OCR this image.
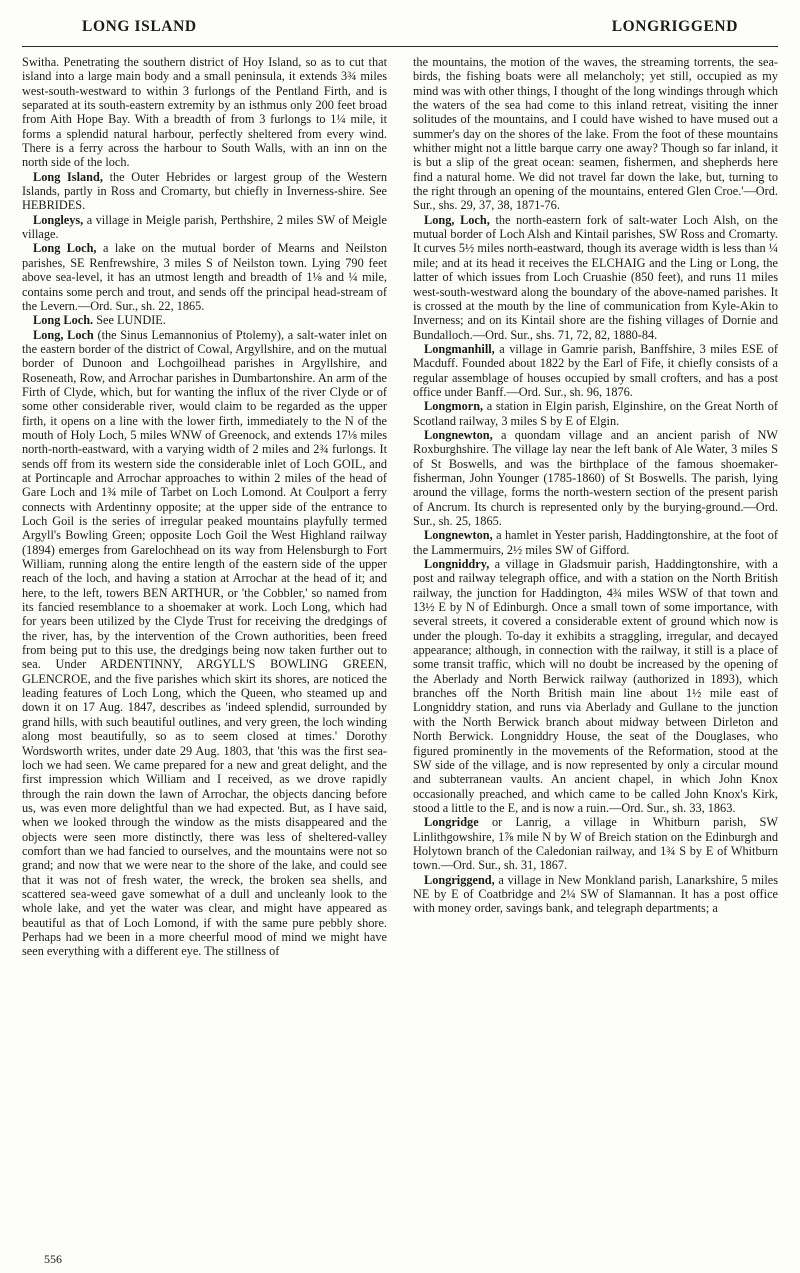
LONG ISLAND	LONGRIGGEND

Switha. Penetrating the southern district of Hoy Island, so as to cut that island into a large main body and a small peninsula, it extends 3¾ miles west-south-westward to within 3 furlongs of the Pentland Firth, and is separated at its south-eastern extremity by an isthmus only 200 feet broad from Aith Hope Bay. With a breadth of from 3 furlongs to 1¼ mile, it forms a splendid natural harbour, perfectly sheltered from every wind. There is a ferry across the harbour to South Walls, with an inn on the north side of the loch.

Long Island, the Outer Hebrides or largest group of the Western Islands, partly in Ross and Cromarty, but chiefly in Inverness-shire. See HEBRIDES.

Longleys, a village in Meigle parish, Perthshire, 2 miles SW of Meigle village.

Long Loch, a lake on the mutual border of Mearns and Neilston parishes, SE Renfrewshire, 3 miles S of Neilston town. Lying 790 feet above sea-level, it has an utmost length and breadth of 1⅛ and ¼ mile, contains some perch and trout, and sends off the principal head-stream of the Levern.—Ord. Sur., sh. 22, 1865.

Long Loch. See LUNDIE.

Long, Loch (the Sinus Lemannonius of Ptolemy), a salt-water inlet on the eastern border of the district of Cowal, Argyllshire, and on the mutual border of Dunoon and Lochgoilhead parishes in Argyllshire, and Roseneath, Row, and Arrochar parishes in Dumbartonshire. An arm of the Firth of Clyde, which, but for wanting the influx of the river Clyde or of some other considerable river, would claim to be regarded as the upper firth, it opens on a line with the lower firth, immediately to the N of the mouth of Holy Loch, 5 miles WNW of Greenock, and extends 17⅛ miles north-north-eastward, with a varying width of 2 miles and 2¾ furlongs. It sends off from its western side the considerable inlet of Loch GOIL, and at Portincaple and Arrochar approaches to within 2 miles of the head of Gare Loch and 1¾ mile of Tarbet on Loch Lomond. At Coulport a ferry connects with Ardentinny opposite; at the upper side of the entrance to Loch Goil is the series of irregular peaked mountains playfully termed Argyll's Bowling Green; opposite Loch Goil the West Highland railway (1894) emerges from Garelochhead on its way from Helensburgh to Fort William, running along the entire length of the eastern side of the upper reach of the loch, and having a station at Arrochar at the head of it; and here, to the left, towers BEN ARTHUR, or 'the Cobbler,' so named from its fancied resemblance to a shoemaker at work. Loch Long, which had for years been utilized by the Clyde Trust for receiving the dredgings of the river, has, by the intervention of the Crown authorities, been freed from being put to this use, the dredgings being now taken further out to sea. Under ARDENTINNY, ARGYLL'S BOWLING GREEN, GLENCROE, and the five parishes which skirt its shores, are noticed the leading features of Loch Long, which the Queen, who steamed up and down it on 17 Aug. 1847, describes as 'indeed splendid, surrounded by grand hills, with such beautiful outlines, and very green, the loch winding along most beautifully, so as to seem closed at times.' Dorothy Wordsworth writes, under date 29 Aug. 1803, that 'this was the first sea-loch we had seen. We came prepared for a new and great delight, and the first impression which William and I received, as we drove rapidly through the rain down the lawn of Arrochar, the objects dancing before us, was even more delightful than we had expected. But, as I have said, when we looked through the window as the mists disappeared and the objects were seen more distinctly, there was less of sheltered-valley comfort than we had fancied to ourselves, and the mountains were not so grand; and now that we were near to the shore of the lake, and could see that it was not of fresh water, the wreck, the broken sea shells, and scattered sea-weed gave somewhat of a dull and uncleanly look to the whole lake, and yet the water was clear, and might have appeared as beautiful as that of Loch Lomond, if with the same pure pebbly shore. Perhaps had we been in a more cheerful mood of mind we might have seen everything with a different eye. The stillness of

the mountains, the motion of the waves, the streaming torrents, the sea-birds, the fishing boats were all melancholy; yet still, occupied as my mind was with other things, I thought of the long windings through which the waters of the sea had come to this inland retreat, visiting the inner solitudes of the mountains, and I could have wished to have mused out a summer's day on the shores of the lake. From the foot of these mountains whither might not a little barque carry one away? Though so far inland, it is but a slip of the great ocean: seamen, fishermen, and shepherds here find a natural home. We did not travel far down the lake, but, turning to the right through an opening of the mountains, entered Glen Croe.'—Ord. Sur., shs. 29, 37, 38, 1871-76.

Long, Loch, the north-eastern fork of salt-water Loch Alsh, on the mutual border of Loch Alsh and Kintail parishes, SW Ross and Cromarty. It curves 5½ miles north-eastward, though its average width is less than ¼ mile; and at its head it receives the ELCHAIG and the Ling or Long, the latter of which issues from Loch Cruashie (850 feet), and runs 11 miles west-south-westward along the boundary of the above-named parishes. It is crossed at the mouth by the line of communication from Kyle-Akin to Inverness; and on its Kintail shore are the fishing villages of Dornie and Bundalloch.—Ord. Sur., shs. 71, 72, 82, 1880-84.

Longmanhill, a village in Gamrie parish, Banffshire, 3 miles ESE of Macduff. Founded about 1822 by the Earl of Fife, it chiefly consists of a regular assemblage of houses occupied by small crofters, and has a post office under Banff.—Ord. Sur., sh. 96, 1876.

Longmorn, a station in Elgin parish, Elginshire, on the Great North of Scotland railway, 3 miles S by E of Elgin.

Longnewton, a quondam village and an ancient parish of NW Roxburghshire. The village lay near the left bank of Ale Water, 3 miles S of St Boswells, and was the birthplace of the famous shoemaker-fisherman, John Younger (1785-1860) of St Boswells. The parish, lying around the village, forms the north-western section of the present parish of Ancrum. Its church is represented only by the burying-ground.—Ord. Sur., sh. 25, 1865.

Longnewton, a hamlet in Yester parish, Haddingtonshire, at the foot of the Lammermuirs, 2½ miles SW of Gifford.

Longniddry, a village in Gladsmuir parish, Haddingtonshire, with a post and railway telegraph office, and with a station on the North British railway, the junction for Haddington, 4¾ miles WSW of that town and 13½ E by N of Edinburgh. Once a small town of some importance, with several streets, it covered a considerable extent of ground which now is under the plough. To-day it exhibits a straggling, irregular, and decayed appearance; although, in connection with the railway, it still is a place of some transit traffic, which will no doubt be increased by the opening of the Aberlady and North Berwick railway (authorized in 1893), which branches off the North British main line about 1½ mile east of Longniddry station, and runs via Aberlady and Gullane to the junction with the North Berwick branch about midway between Dirleton and North Berwick. Longniddry House, the seat of the Douglases, who figured prominently in the movements of the Reformation, stood at the SW side of the village, and is now represented by only a circular mound and subterranean vaults. An ancient chapel, in which John Knox occasionally preached, and which came to be called John Knox's Kirk, stood a little to the E, and is now a ruin.—Ord. Sur., sh. 33, 1863.

Longridge or Lanrig, a village in Whitburn parish, SW Linlithgowshire, 1⅞ mile N by W of Breich station on the Edinburgh and Holytown branch of the Caledonian railway, and 1¾ S by E of Whitburn town.—Ord. Sur., sh. 31, 1867.

Longriggend, a village in New Monkland parish, Lanarkshire, 5 miles NE by E of Coatbridge and 2¼ SW of Slamannan. It has a post office with money order, savings bank, and telegraph departments; a

556
